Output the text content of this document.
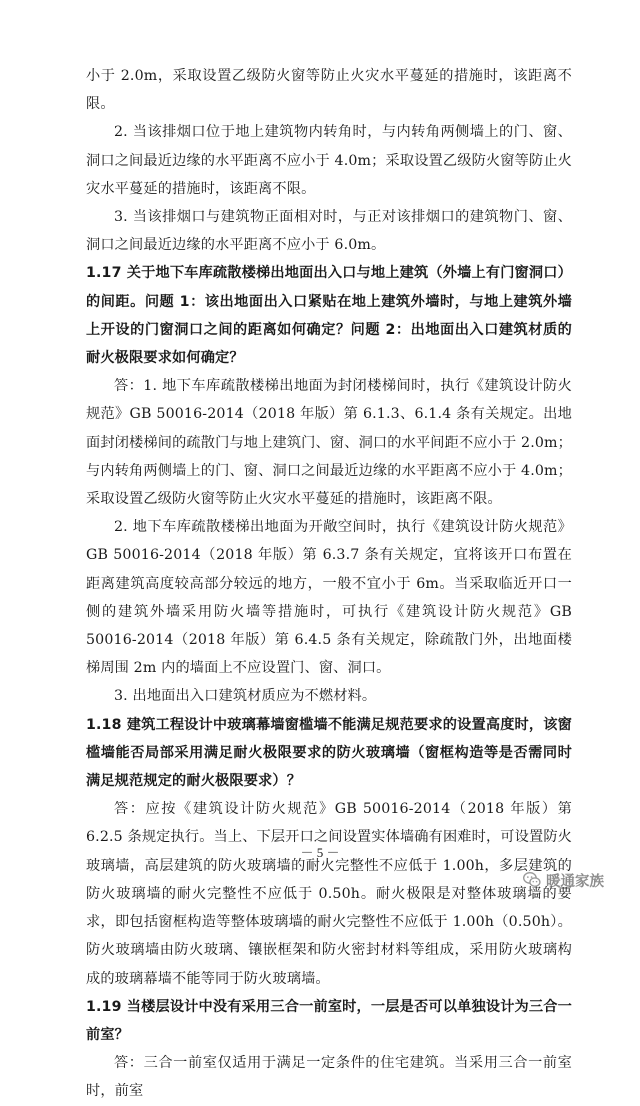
小于 2.0m，采取设置乙级防火窗等防止火灾水平蔓延的措施时，该距离不限。

2. 当该排烟口位于地上建筑物内转角时，与内转角两侧墙上的门、窗、洞口之间最近边缘的水平距离不应小于 4.0m；采取设置乙级防火窗等防止火灾水平蔓延的措施时，该距离不限。

3. 当该排烟口与建筑物正面相对时，与正对该排烟口的建筑物门、窗、洞口之间最近边缘的水平距离不应小于 6.0m。

1.17 关于地下车库疏散楼梯出地面出入口与地上建筑（外墙上有门窗洞口）的间距。问题 1：该出地面出入口紧贴在地上建筑外墙时，与地上建筑外墙上开设的门窗洞口之间的距离如何确定？问题 2：出地面出入口建筑材质的耐火极限要求如何确定？

答：1. 地下车库疏散楼梯出地面为封闭楼梯间时，执行《建筑设计防火规范》GB 50016-2014（2018 年版）第 6.1.3、6.1.4 条有关规定。出地面封闭楼梯间的疏散门与地上建筑门、窗、洞口的水平间距不应小于 2.0m；与内转角两侧墙上的门、窗、洞口之间最近边缘的水平距离不应小于 4.0m；采取设置乙级防火窗等防止火灾水平蔓延的措施时，该距离不限。

2. 地下车库疏散楼梯出地面为开敞空间时，执行《建筑设计防火规范》GB 50016-2014（2018 年版）第 6.3.7 条有关规定，宜将该开口布置在距离建筑高度较高部分较远的地方，一般不宜小于 6m。当采取临近开口一侧的建筑外墙采用防火墙等措施时，可执行《建筑设计防火规范》GB 50016-2014（2018 年版）第 6.4.5 条有关规定，除疏散门外，出地面楼梯周围 2m 内的墙面上不应设置门、窗、洞口。

3. 出地面出入口建筑材质应为不燃材料。

1.18 建筑工程设计中玻璃幕墙窗槛墙不能满足规范要求的设置高度时，该窗槛墙能否局部采用满足耐火极限要求的防火玻璃墙（窗框构造等是否需同时满足规范规定的耐火极限要求）？

答：应按《建筑设计防火规范》GB 50016-2014（2018 年版）第 6.2.5 条规定执行。当上、下层开口之间设置实体墙确有困难时，可设置防火玻璃墙，高层建筑的防火玻璃墙的耐火完整性不应低于 1.00h，多层建筑的防火玻璃墙的耐火完整性不应低于 0.50h。耐火极限是对整体玻璃墙的要求，即包括窗框构造等整体玻璃墙的耐火完整性不应低于 1.00h（0.50h）。防火玻璃墙由防火玻璃、镶嵌框架和防火密封材料等组成，采用防火玻璃构成的玻璃幕墙不能等同于防火玻璃墙。

1.19 当楼层设计中没有采用三合一前室时，一层是否可以单独设计为三合一前室？

答：三合一前室仅适用于满足一定条件的住宅建筑。当采用三合一前室时，前室

－ 5 －
暖通家族
